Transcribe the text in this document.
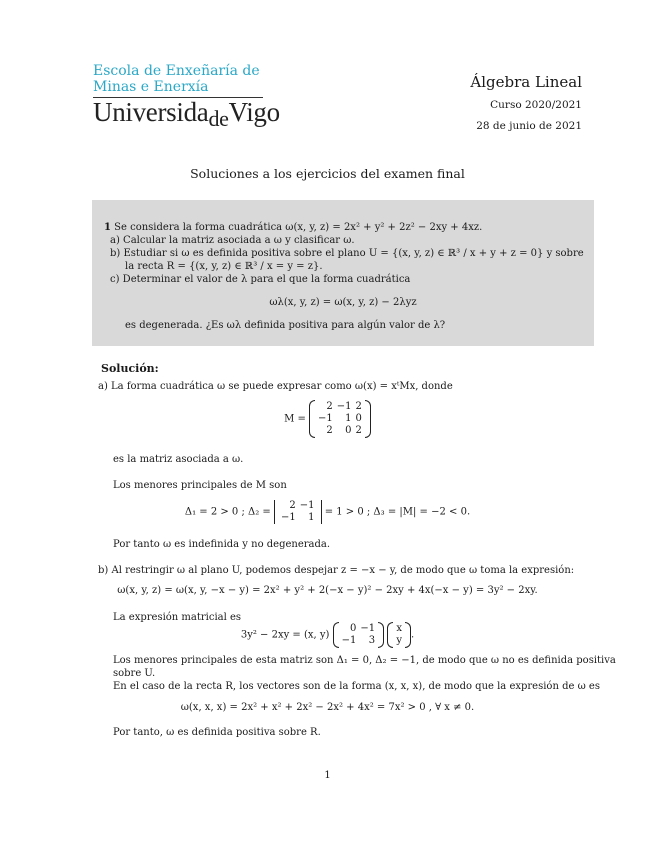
Escola de Enxeñaría de
Minas e Enerxía
UniversidadeVigo
Álgebra Lineal
Curso 2020/2021
28 de junio de 2021
Soluciones a los ejercicios del examen final
1 Se considera la forma cuadrática ω(x, y, z) = 2x² + y² + 2z² − 2xy + 4xz.
a) Calcular la matriz asociada a ω y clasificar ω.
b) Estudiar si ω es definida positiva sobre el plano U = {(x, y, z) ∈ ℝ³ / x + y + z = 0} y sobre
la recta R = {(x, y, z) ∈ ℝ³ / x = y = z}.
c) Determinar el valor de λ para el que la forma cuadrática
ωλ(x, y, z) = ω(x, y, z) − 2λyz
es degenerada. ¿Es ωλ definida positiva para algún valor de λ?
Solución:
a) La forma cuadrática ω se puede expresar como ω(x) = xᵗMx, donde
M =
2	−1	2
−1	1	0
2	0	2
es la matriz asociada a ω.
Los menores principales de M son
Δ₁ = 2 > 0 ; Δ₂ =
2	−1
−1	1 = 1 > 0 ; Δ₃ = |M| = −2 < 0.
Por tanto ω es indefinida y no degenerada.
b) Al restringir ω al plano U, podemos despejar z = −x − y, de modo que ω toma la expresión:
ω(x, y, z) = ω(x, y, −x − y) = 2x² + y² + 2(−x − y)² − 2xy + 4x(−x − y) = 3y² − 2xy.
La expresión matricial es
3y² − 2xy = (x, y)
0	−1
−1	3

x
y .
Los menores principales de esta matriz son Δ₁ = 0, Δ₂ = −1, de modo que ω no es definida positiva
sobre U.
En el caso de la recta R, los vectores son de la forma (x, x, x), de modo que la expresión de ω es
ω(x, x, x) = 2x² + x² + 2x² − 2x² + 4x² = 7x² > 0 , ∀ x ≠ 0.
Por tanto, ω es definida positiva sobre R.
1
